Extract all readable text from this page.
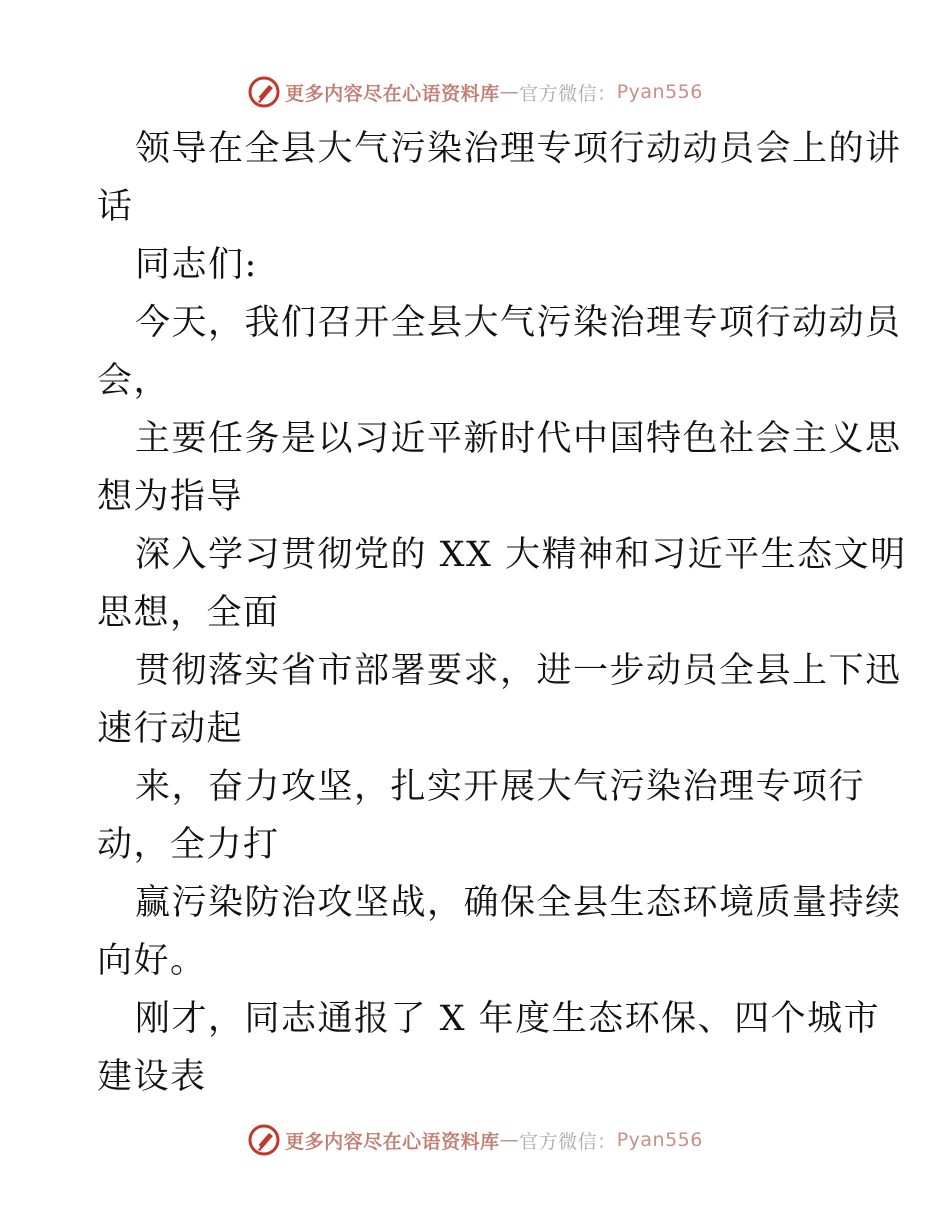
更多内容尽在心语资料库 — 官方微信： Pyan556
领导在全县大气污染治理专项行动动员会上的讲
话
同志们:
今天，我们召开全县大气污染治理专项行动动员
会，
主要任务是以习近平新时代中国特色社会主义思
想为指导
深入学习贯彻党的 XX 大精神和习近平生态文明
思想，全面
贯彻落实省市部署要求，进一步动员全县上下迅
速行动起
来，奋力攻坚，扎实开展大气污染治理专项行
动，全力打
赢污染防治攻坚战，确保全县生态环境质量持续
向好。
刚才，同志通报了 X 年度生态环保、四个城市
建设表
更多内容尽在心语资料库 — 官方微信： Pyan556
